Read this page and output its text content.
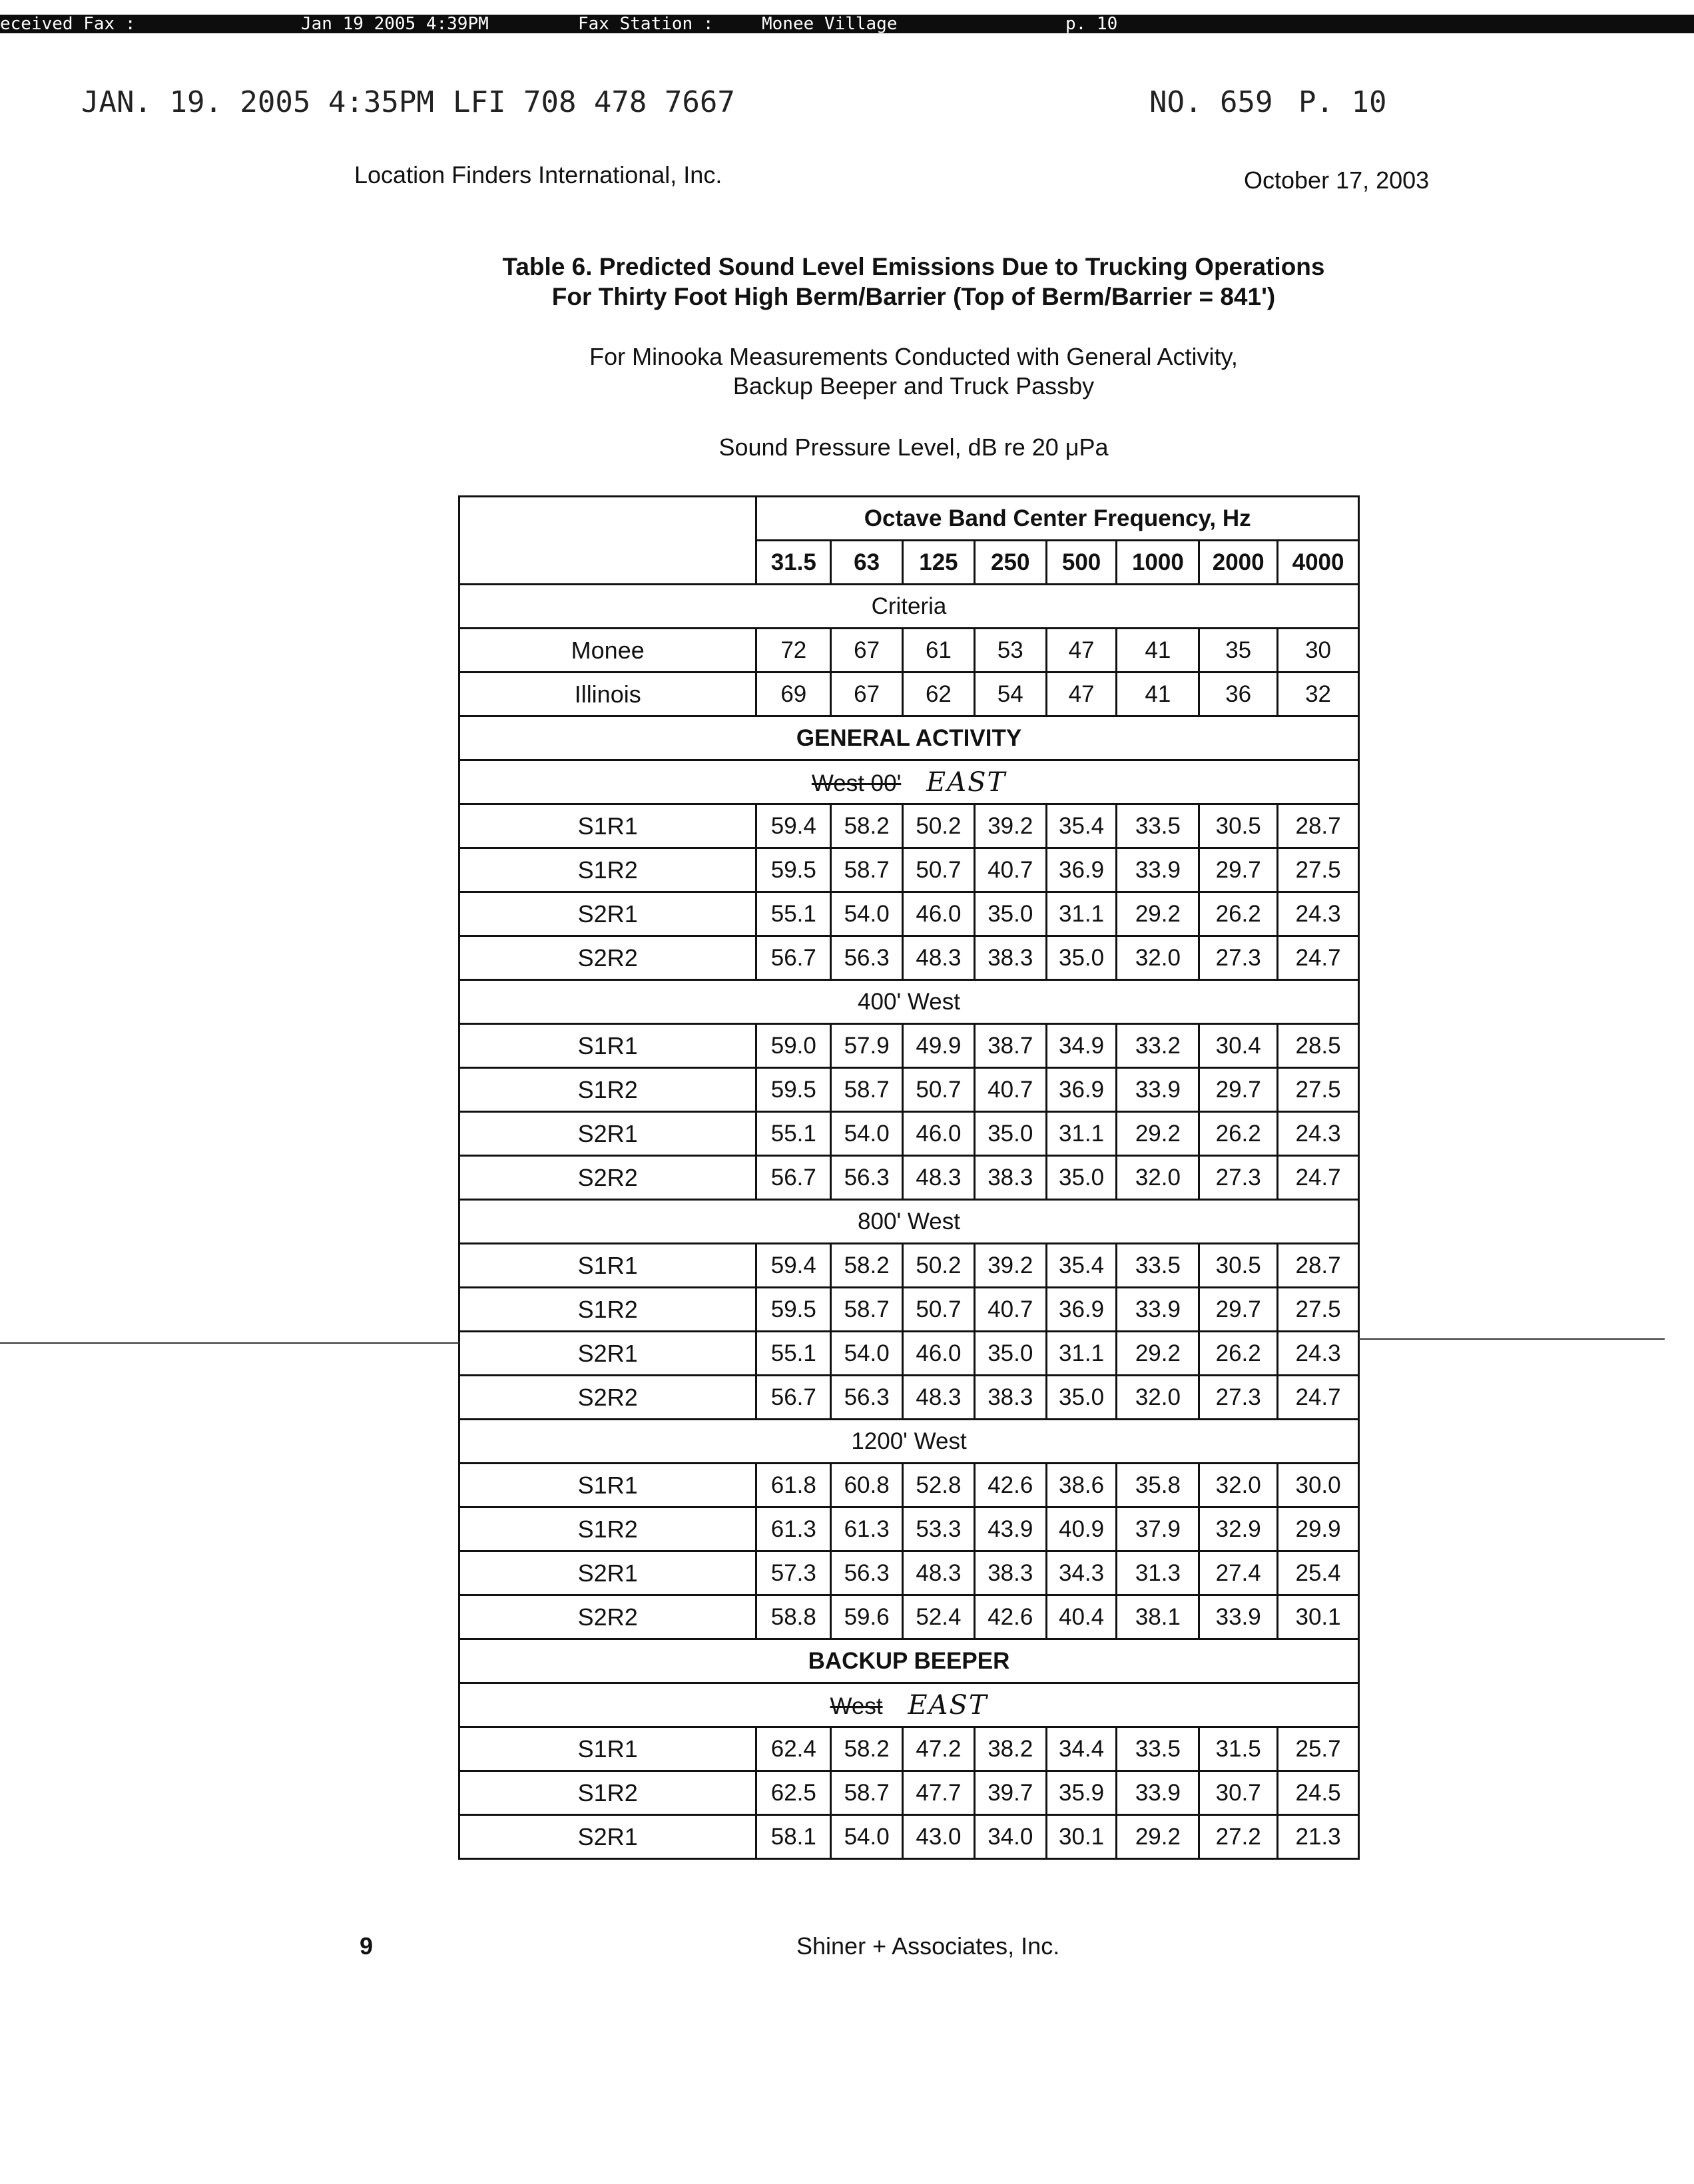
eceived Fax :	Jan 19 2005 4:39PM	Fax Station :	Monee Village	p. 10
JAN. 19. 2005 4:35PM LFI 708 478 7667	NO. 659 P. 10
Location Finders International, Inc.	October 17, 2003
Table 6. Predicted Sound Level Emissions Due to Trucking Operations
For Thirty Foot High Berm/Barrier (Top of Berm/Barrier = 841')
For Minooka Measurements Conducted with General Activity,
Backup Beeper and Truck Passby
Sound Pressure Level, dB re 20 μPa
	Octave Band Center Frequency, Hz							
	31.5	63	125	250	500	1000	2000	4000
Criteria								
Monee	72	67	61	53	47	41	35	30
Illinois	69	67	62	54	47	41	36	32
GENERAL ACTIVITY								
West 00' EAST								
S1R1	59.4	58.2	50.2	39.2	35.4	33.5	30.5	28.7
S1R2	59.5	58.7	50.7	40.7	36.9	33.9	29.7	27.5
S2R1	55.1	54.0	46.0	35.0	31.1	29.2	26.2	24.3
S2R2	56.7	56.3	48.3	38.3	35.0	32.0	27.3	24.7
400' West								
S1R1	59.0	57.9	49.9	38.7	34.9	33.2	30.4	28.5
S1R2	59.5	58.7	50.7	40.7	36.9	33.9	29.7	27.5
S2R1	55.1	54.0	46.0	35.0	31.1	29.2	26.2	24.3
S2R2	56.7	56.3	48.3	38.3	35.0	32.0	27.3	24.7
800' West								
S1R1	59.4	58.2	50.2	39.2	35.4	33.5	30.5	28.7
S1R2	59.5	58.7	50.7	40.7	36.9	33.9	29.7	27.5
S2R1	55.1	54.0	46.0	35.0	31.1	29.2	26.2	24.3
S2R2	56.7	56.3	48.3	38.3	35.0	32.0	27.3	24.7
1200' West								
S1R1	61.8	60.8	52.8	42.6	38.6	35.8	32.0	30.0
S1R2	61.3	61.3	53.3	43.9	40.9	37.9	32.9	29.9
S2R1	57.3	56.3	48.3	38.3	34.3	31.3	27.4	25.4
S2R2	58.8	59.6	52.4	42.6	40.4	38.1	33.9	30.1
BACKUP BEEPER								
West EAST								
S1R1	62.4	58.2	47.2	38.2	34.4	33.5	31.5	25.7
S1R2	62.5	58.7	47.7	39.7	35.9	33.9	30.7	24.5
S2R1	58.1	54.0	43.0	34.0	30.1	29.2	27.2	21.3
9	Shiner + Associates, Inc.
